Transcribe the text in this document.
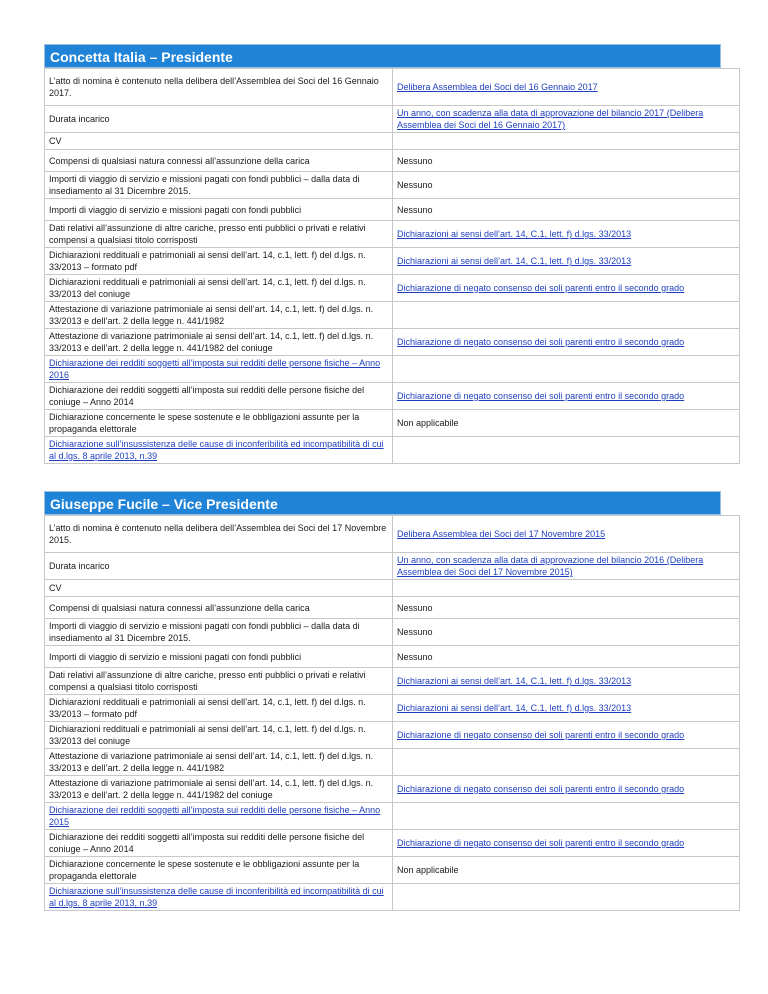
Concetta Italia – Presidente
L’atto di nomina è contenuto nella delibera dell’Assemblea dei Soci del 16 Gennaio 2017.	Delibera Assemblea dei Soci del 16 Gennaio 2017
Durata incarico	Un anno, con scadenza alla data di approvazione del bilancio 2017 (Delibera Assemblea dei Soci del 16 Gennaio 2017)
CV	
Compensi di qualsiasi natura connessi all’assunzione della carica	Nessuno
Importi di viaggio di servizio e missioni pagati con fondi pubblici – dalla data di insediamento al 31 Dicembre 2015.	Nessuno
Importi di viaggio di servizio e missioni pagati con fondi pubblici	Nessuno
Dati relativi all’assunzione di altre cariche, presso enti pubblici o privati e relativi compensi a qualsiasi titolo corrisposti	Dichiarazioni ai sensi dell’art. 14, C.1, lett. f) d.lgs. 33/2013
Dichiarazioni reddituali e patrimoniali ai sensi dell’art. 14, c.1, lett. f) del d.lgs. n. 33/2013 – formato pdf	Dichiarazioni ai sensi dell’art. 14, C.1, lett. f) d.lgs. 33/2013
Dichiarazioni reddituali e patrimoniali ai sensi dell’art. 14, c.1, lett. f) del d.lgs. n. 33/2013 del coniuge	Dichiarazione di negato consenso dei soli parenti entro il secondo grado
Attestazione di variazione patrimoniale ai sensi dell’art. 14, c.1, lett. f) del d.lgs. n. 33/2013 e dell’art. 2 della legge n. 441/1982	
Attestazione di variazione patrimoniale ai sensi dell’art. 14, c.1, lett. f) del d.lgs. n. 33/2013 e dell’art. 2 della legge n. 441/1982 del coniuge	Dichiarazione di negato consenso dei soli parenti entro il secondo grado
Dichiarazione dei redditi soggetti all’imposta sui redditi delle persone fisiche – Anno 2016	
Dichiarazione dei redditi soggetti all’imposta sui redditi delle persone fisiche del coniuge – Anno 2014	Dichiarazione di negato consenso dei soli parenti entro il secondo grado
Dichiarazione concernente le spese sostenute e le obbligazioni assunte per la propaganda elettorale	Non applicabile
Dichiarazione sull’insussistenza delle cause di inconferibilità ed incompatibilità di cui al d.lgs. 8 aprile 2013, n.39	
Giuseppe Fucile – Vice Presidente
L’atto di nomina è contenuto nella delibera dell’Assemblea dei Soci del 17 Novembre 2015.	Delibera Assemblea dei Soci del 17 Novembre 2015
Durata incarico	Un anno, con scadenza alla data di approvazione del bilancio 2016 (Delibera Assemblea dei Soci del 17 Novembre 2015)
CV	
Compensi di qualsiasi natura connessi all’assunzione della carica	Nessuno
Importi di viaggio di servizio e missioni pagati con fondi pubblici – dalla data di insediamento al 31 Dicembre 2015.	Nessuno
Importi di viaggio di servizio e missioni pagati con fondi pubblici	Nessuno
Dati relativi all’assunzione di altre cariche, presso enti pubblici o privati e relativi compensi a qualsiasi titolo corrisposti	Dichiarazioni ai sensi dell’art. 14, C.1, lett. f) d.lgs. 33/2013
Dichiarazioni reddituali e patrimoniali ai sensi dell’art. 14, c.1, lett. f) del d.lgs. n. 33/2013 – formato pdf	Dichiarazioni ai sensi dell’art. 14, C.1, lett. f) d.lgs. 33/2013
Dichiarazioni reddituali e patrimoniali ai sensi dell’art. 14, c.1, lett. f) del d.lgs. n. 33/2013 del coniuge	Dichiarazione di negato consenso dei soli parenti entro il secondo grado
Attestazione di variazione patrimoniale ai sensi dell’art. 14, c.1, lett. f) del d.lgs. n. 33/2013 e dell’art. 2 della legge n. 441/1982	
Attestazione di variazione patrimoniale ai sensi dell’art. 14, c.1, lett. f) del d.lgs. n. 33/2013 e dell’art. 2 della legge n. 441/1982 del coniuge	Dichiarazione di negato consenso dei soli parenti entro il secondo grado
Dichiarazione dei redditi soggetti all’imposta sui redditi delle persone fisiche – Anno 2015	
Dichiarazione dei redditi soggetti all’imposta sui redditi delle persone fisiche del coniuge – Anno 2014	Dichiarazione di negato consenso dei soli parenti entro il secondo grado
Dichiarazione concernente le spese sostenute e le obbligazioni assunte per la propaganda elettorale	Non applicabile
Dichiarazione sull’insussistenza delle cause di inconferibilità ed incompatibilità di cui al d.lgs. 8 aprile 2013, n.39	
